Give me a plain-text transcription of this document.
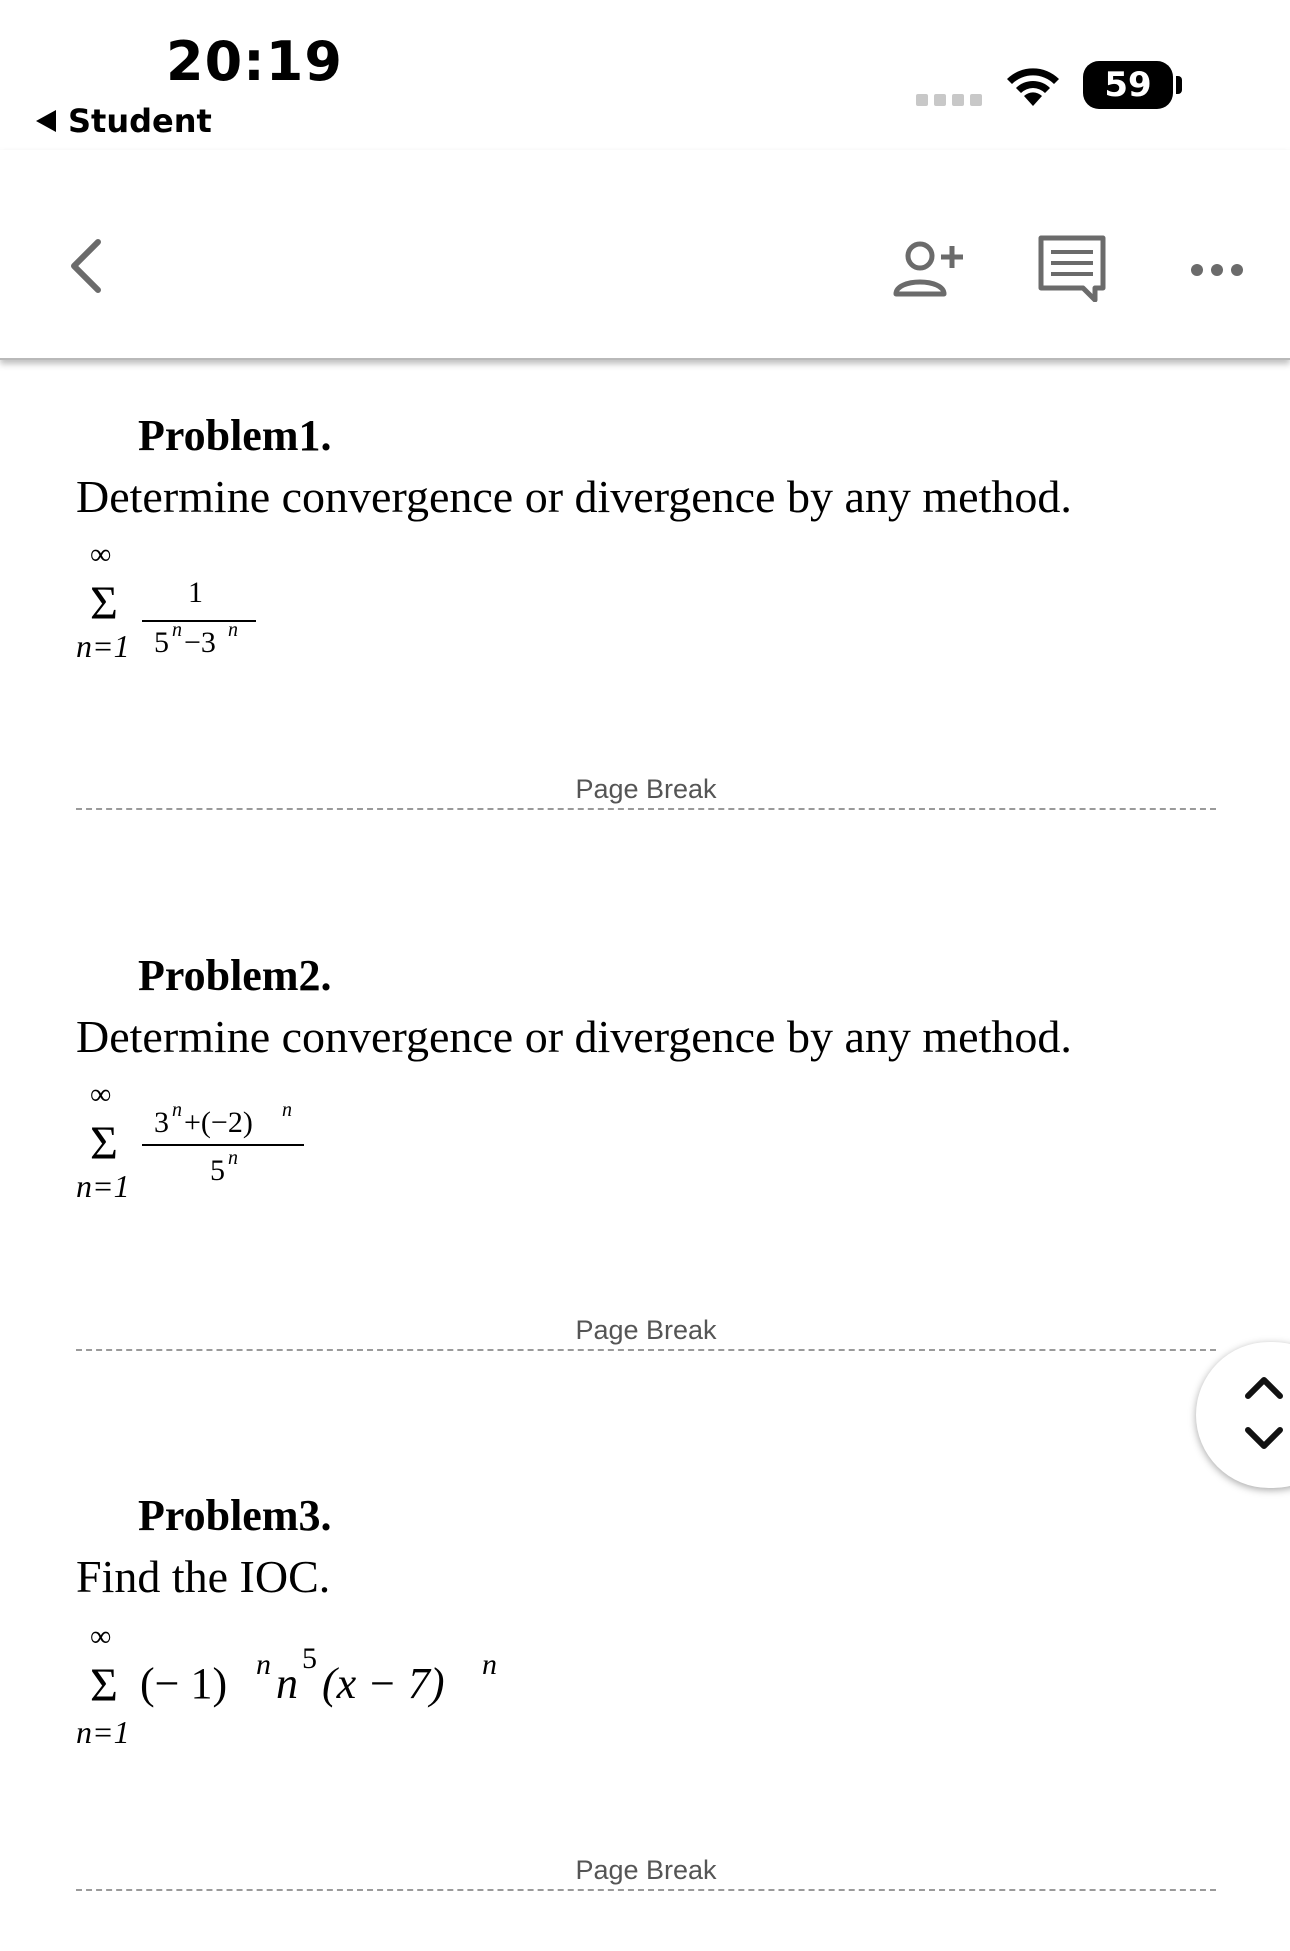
20:19
Student
59
Problem1.
Determine convergence or divergence by any method.
∞
Σ
n=1
1
5 n −3 n
Page Break
Problem2.
Determine convergence or divergence by any method.
∞
Σ
n=1
3 n +(−2) n
5 n
Page Break
Problem3.
Find the IOC.
∞
Σ
n=1
(− 1) n n
5
(x − 7) n
Page Break
